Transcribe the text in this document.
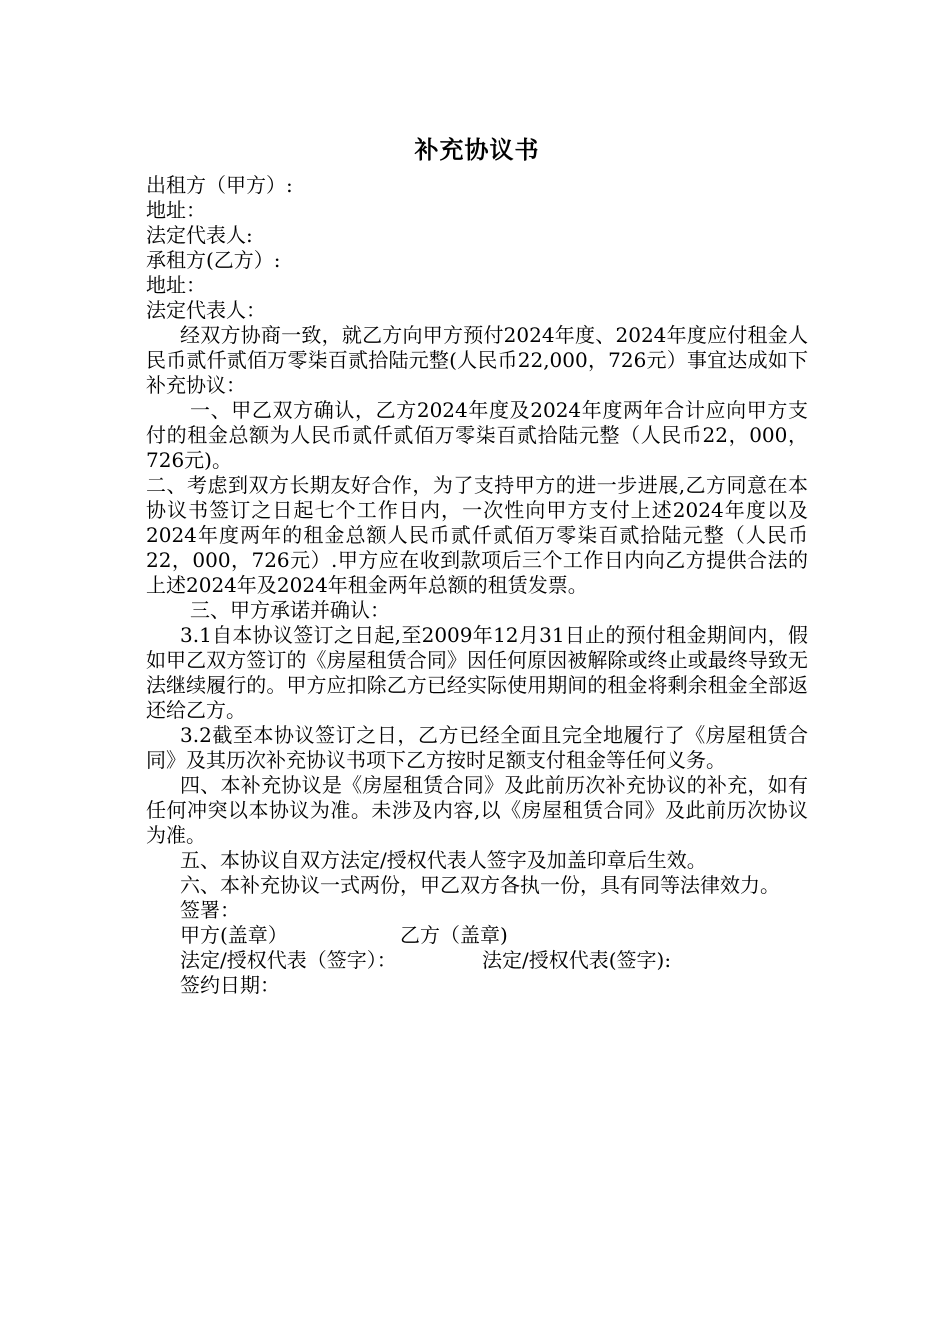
补充协议书

出租方（甲方）:

地址：

法定代表人:

承租方(乙方）:

地址：

法定代表人：

经双方协商一致，就乙方向甲方预付2024年度、2024年度应付租金人民币贰仟贰佰万零柒百贰拾陆元整(人民币22,000，726元）事宜达成如下补充协议：

一、甲乙双方确认，乙方2024年度及2024年度两年合计应向甲方支付的租金总额为人民币贰仟贰佰万零柒百贰拾陆元整（人民币22，000，726元)。

二、考虑到双方长期友好合作，为了支持甲方的进一步进展,乙方同意在本协议书签订之日起七个工作日内，一次性向甲方支付上述2024年度以及2024年度两年的租金总额人民币贰仟贰佰万零柒百贰拾陆元整（人民币22，000，726元）.甲方应在收到款项后三个工作日内向乙方提供合法的上述2024年及2024年租金两年总额的租赁发票。

三、甲方承诺并确认：

3.1自本协议签订之日起,至2009年12月31日止的预付租金期间内，假如甲乙双方签订的《房屋租赁合同》因任何原因被解除或终止或最终导致无法继续履行的。甲方应扣除乙方已经实际使用期间的租金将剩余租金全部返还给乙方。

3.2截至本协议签订之日，乙方已经全面且完全地履行了《房屋租赁合同》及其历次补充协议书项下乙方按时足额支付租金等任何义务。

四、本补充协议是《房屋租赁合同》及此前历次补充协议的补充，如有任何冲突以本协议为准。未涉及内容,以《房屋租赁合同》及此前历次协议为准。

五、本协议自双方法定/授权代表人签字及加盖印章后生效。

六、本补充协议一式两份，甲乙双方各执一份，具有同等法律效力。

签署：

甲方(盖章）	乙方（盖章)
法定/授权代表（签字）：	法定/授权代表(签字):

签约日期：
